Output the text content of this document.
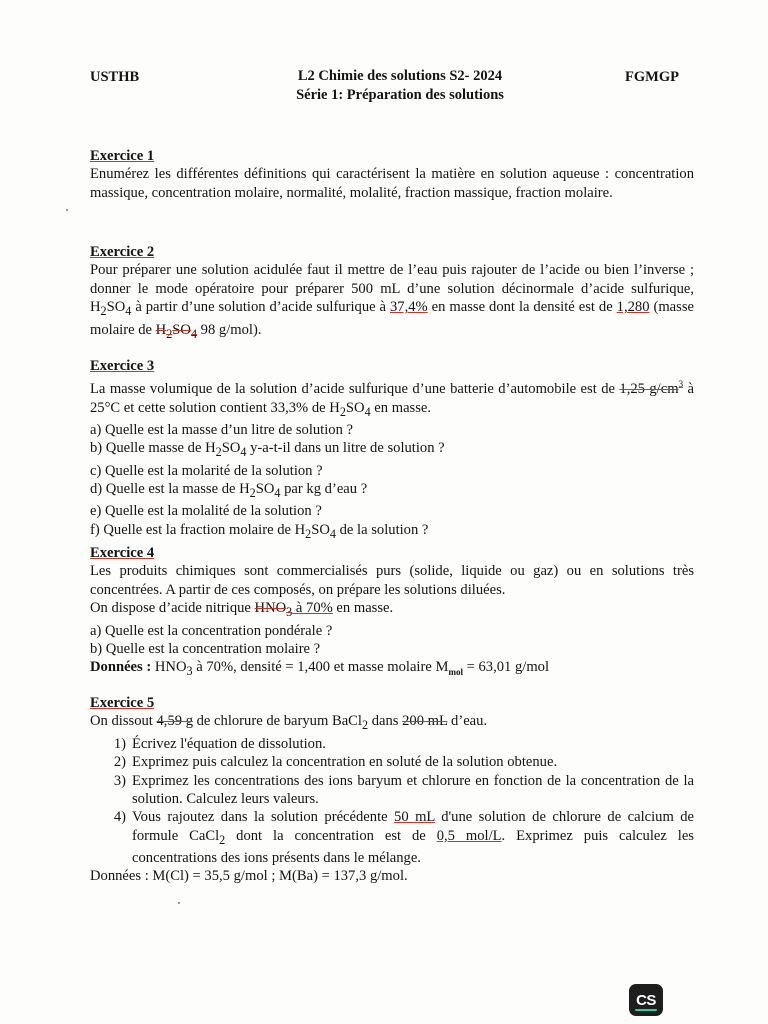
USTHB	L2 Chimie des solutions S2- 2024
Série 1: Préparation des solutions
FGMGP
Exercice 1
Enumérez les différentes définitions qui caractérisent la matière en solution aqueuse : concentration massique, concentration molaire, normalité, molalité, fraction massique, fraction molaire.
Exercice 2
Pour préparer une solution acidulée faut il mettre de l’eau puis rajouter de l’acide ou bien l’inverse ; donner le mode opératoire pour préparer 500 mL d’une solution décinormale d’acide sulfurique, $H_2SO_4$ à partir d’une solution d’acide sulfurique à 37,4% en masse dont la densité est de 1,280 (masse molaire de $H_2SO_4$ 98 g/mol).
Exercice 3
La masse volumique de la solution d’acide sulfurique d’une batterie d’automobile est de 1,25 $g/cm^3$ à 25°C et cette solution contient 33,3% de $H_2SO_4$ en masse.
a) Quelle est la masse d’un litre de solution ?
b) Quelle masse de $H_2SO_4$ y-a-t-il dans un litre de solution ?
c) Quelle est la molarité de la solution ?
d) Quelle est la masse de $H_2SO_4$ par kg d’eau ?
e) Quelle est la molalité de la solution ?
f) Quelle est la fraction molaire de $H_2SO_4$ de la solution ?
Exercice 4
Les produits chimiques sont commercialisés purs (solide, liquide ou gaz) ou en solutions très concentrées. A partir de ces composés, on prépare les solutions diluées.
On dispose d’acide nitrique $HNO_3$ à 70% en masse.
a) Quelle est la concentration pondérale ?
b) Quelle est la concentration molaire ?
Données : $HNO_3$ à 70%, densité = 1,400 et masse molaire $M_{mol} = 63,01$ g/mol
Exercice 5
On dissout 4,59 g de chlorure de baryum BaCl$_2$ dans 200 mL d’eau.
1) Écrivez l'équation de dissolution.
2) Exprimez puis calculez la concentration en soluté de la solution obtenue.
3) Exprimez les concentrations des ions baryum et chlorure en fonction de la concentration de la solution. Calculez leurs valeurs.
4) Vous rajoutez dans la solution précédente 50 mL d'une solution de chlorure de calcium de formule CaCl$_2$ dont la concentration est de 0,5 mol/L. Exprimez puis calculez les concentrations des ions présents dans le mélange.
Données : M(Cl) = 35,5 g/mol ; M(Ba) = 137,3 g/mol.
CS
